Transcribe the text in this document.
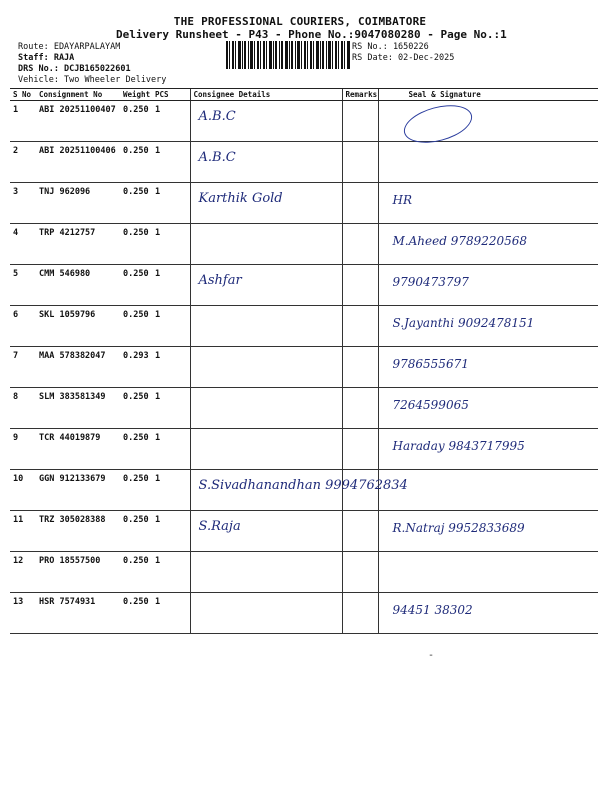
THE PROFESSIONAL COURIERS, COIMBATORE
Delivery Runsheet - P43 - Phone No.:9047080280 - Page No.:1
Route: EDAYARPALAYAM
Staff: RAJA
DRS No.: DCJB165022601
Vehicle: Two Wheeler Delivery
RS No.: 1650226
RS Date: 02-Dec-2025
S No	Consignment No	Weight	PCS	Consignee Details	Remarks	Seal & Signature
1	ABI 20251100407	0.250	1	A.B.C		

2	ABI 20251100406	0.250	1	A.B.C		

3	TNJ 962096	0.250	1	Karthik Gold		HR

4	TRP 4212757	0.250	1			M.Aheed 9789220568

5	CMM 546980	0.250	1	Ashfar		9790473797

6	SKL 1059796	0.250	1			S.Jayanthi 9092478151

7	MAA 578382047	0.293	1			9786555671

8	SLM 383581349	0.250	1			7264599065

9	TCR 44019879	0.250	1			Haraday 9843717995

10	GGN 912133679	0.250	1	S.Sivadhanandhan 9994762834		

11	TRZ 305028388	0.250	1	S.Raja		R.Natraj 9952833689

12	PRO 18557500	0.250	1	

13	HSR 7574931	0.250	1			94451 38302
-
